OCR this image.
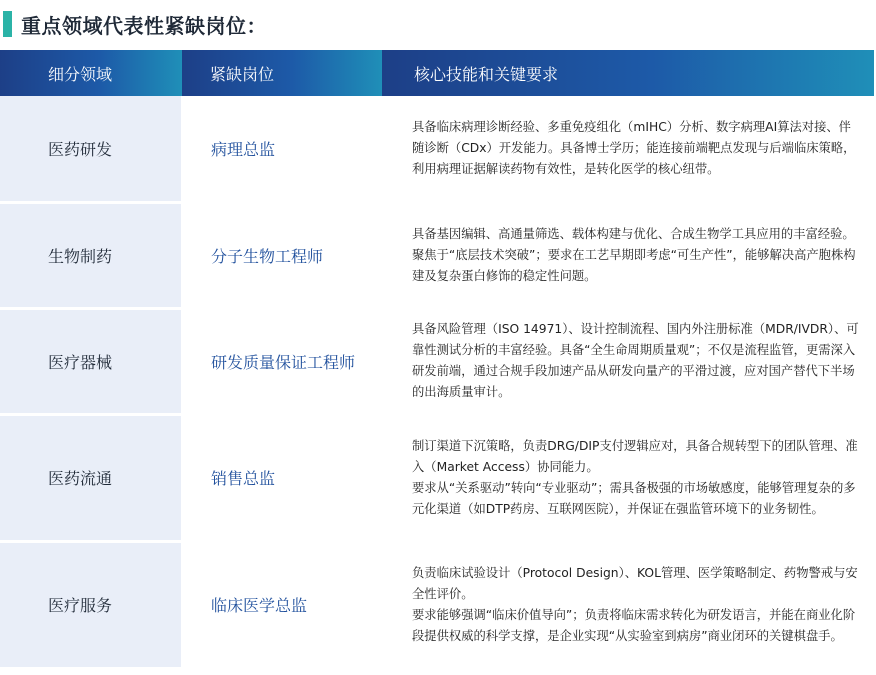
重点领域代表性紧缺岗位：
细分领域	紧缺岗位	核心技能和关键要求
医药研发	病理总监	具备临床病理诊断经验、多重免疫组化（mIHC）分析、数字病理AI算法对接、伴随诊断（CDx）开发能力。具备博士学历；能连接前端靶点发现与后端临床策略，利用病理证据解读药物有效性，是转化医学的核心纽带。

生物制药	分子生物工程师	具备基因编辑、高通量筛选、载体构建与优化、合成生物学工具应用的丰富经验。聚焦于“底层技术突破”；要求在工艺早期即考虑“可生产性”，能够解决高产胞株构建及复杂蛋白修饰的稳定性问题。

医疗器械	研发质量保证工程师	具备风险管理（ISO 14971）、设计控制流程、国内外注册标准（MDR/IVDR）、可靠性测试分析的丰富经验。具备“全生命周期质量观”；不仅是流程监管，更需深入研发前端，通过合规手段加速产品从研发向量产的平滑过渡，应对国产替代下半场的出海质量审计。

医药流通	销售总监	制订渠道下沉策略，负责DRG/DIP支付逻辑应对，具备合规转型下的团队管理、准入（Market Access）协同能力。

要求从“关系驱动”转向“专业驱动”；需具备极强的市场敏感度，能够管理复杂的多元化渠道（如DTP药房、互联网医院），并保证在强监管环境下的业务韧性。

医疗服务	临床医学总监	负责临床试验设计（Protocol Design）、KOL管理、医学策略制定、药物警戒与安全性评价。

要求能够强调“临床价值导向”；负责将临床需求转化为研发语言，并能在商业化阶段提供权威的科学支撑，是企业实现“从实验室到病房”商业闭环的关键棋盘手。
